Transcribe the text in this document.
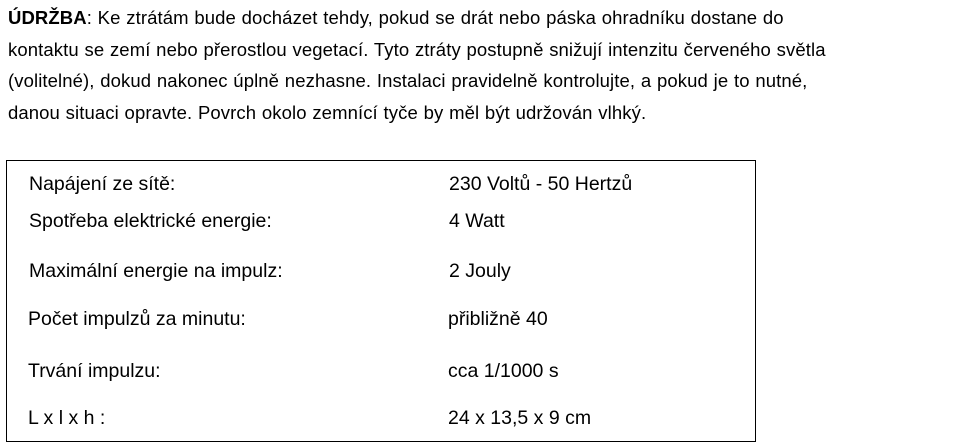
ÚDRŽBA: Ke ztrátám bude docházet tehdy, pokud se drát nebo páska ohradníku dostane do
kontaktu se zemí nebo přerostlou vegetací. Tyto ztráty postupně snižují intenzitu červeného světla
(volitelné), dokud nakonec úplně nezhasne. Instalaci pravidelně kontrolujte, a pokud je to nutné,
danou situaci opravte. Povrch okolo zemnící tyče by měl být udržován vlhký.
Napájení ze sítě:	230 Voltů - 50 Hertzů
Spotřeba elektrické energie:	4 Watt
Maximální energie na impulz:	2 Jouly
Počet impulzů za minutu:	přibližně 40
Trvání impulzu:	cca 1/1000 s
L x l x h :	24 x 13,5 x 9 cm
